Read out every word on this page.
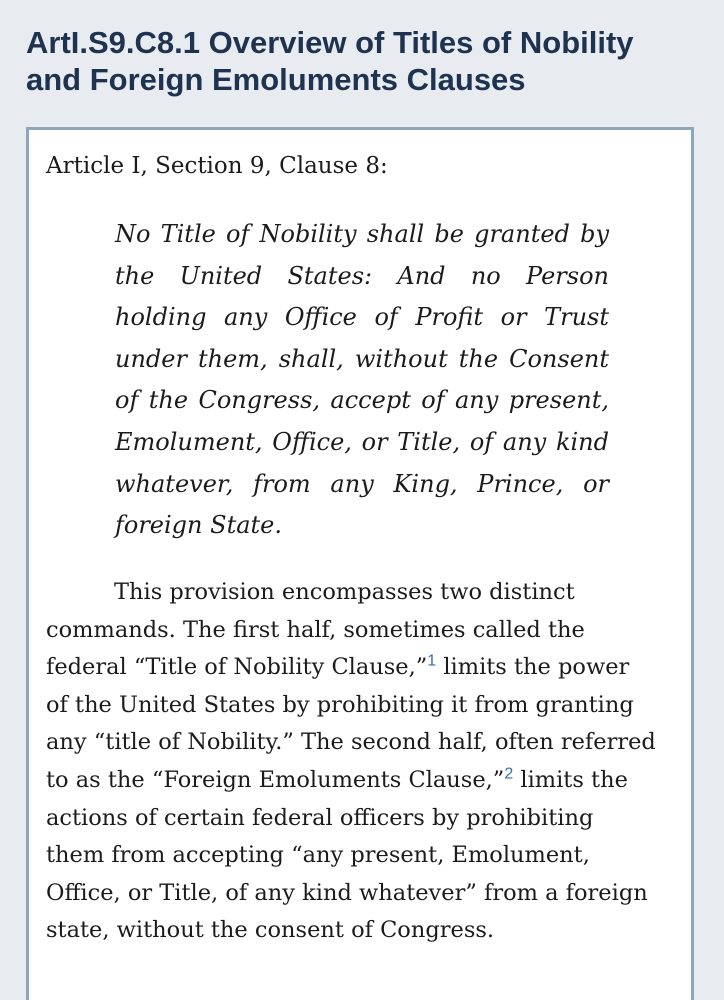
ArtI.S9.C8.1 Overview of Titles of Nobility
and Foreign Emoluments Clauses

Article I, Section 9, Clause 8:

No Title of Nobility shall be granted by the United States: And no Person holding any Office of Profit or Trust under them, shall, without the Consent of the Congress, accept of any present, Emolument, Office, or Title, of any kind whatever, from any King, Prince, or foreign State.

This provision encompasses two distinct commands. The first half, sometimes called the federal “Title of Nobility Clause,”$^1$ limits the power of the United States by prohibiting it from granting any “title of Nobility.” The second half, often referred to as the “Foreign Emoluments Clause,”$^2$ limits the actions of certain federal officers by prohibiting them from accepting “any present, Emolument, Office, or Title, of any kind whatever” from a foreign state, without the consent of Congress.
